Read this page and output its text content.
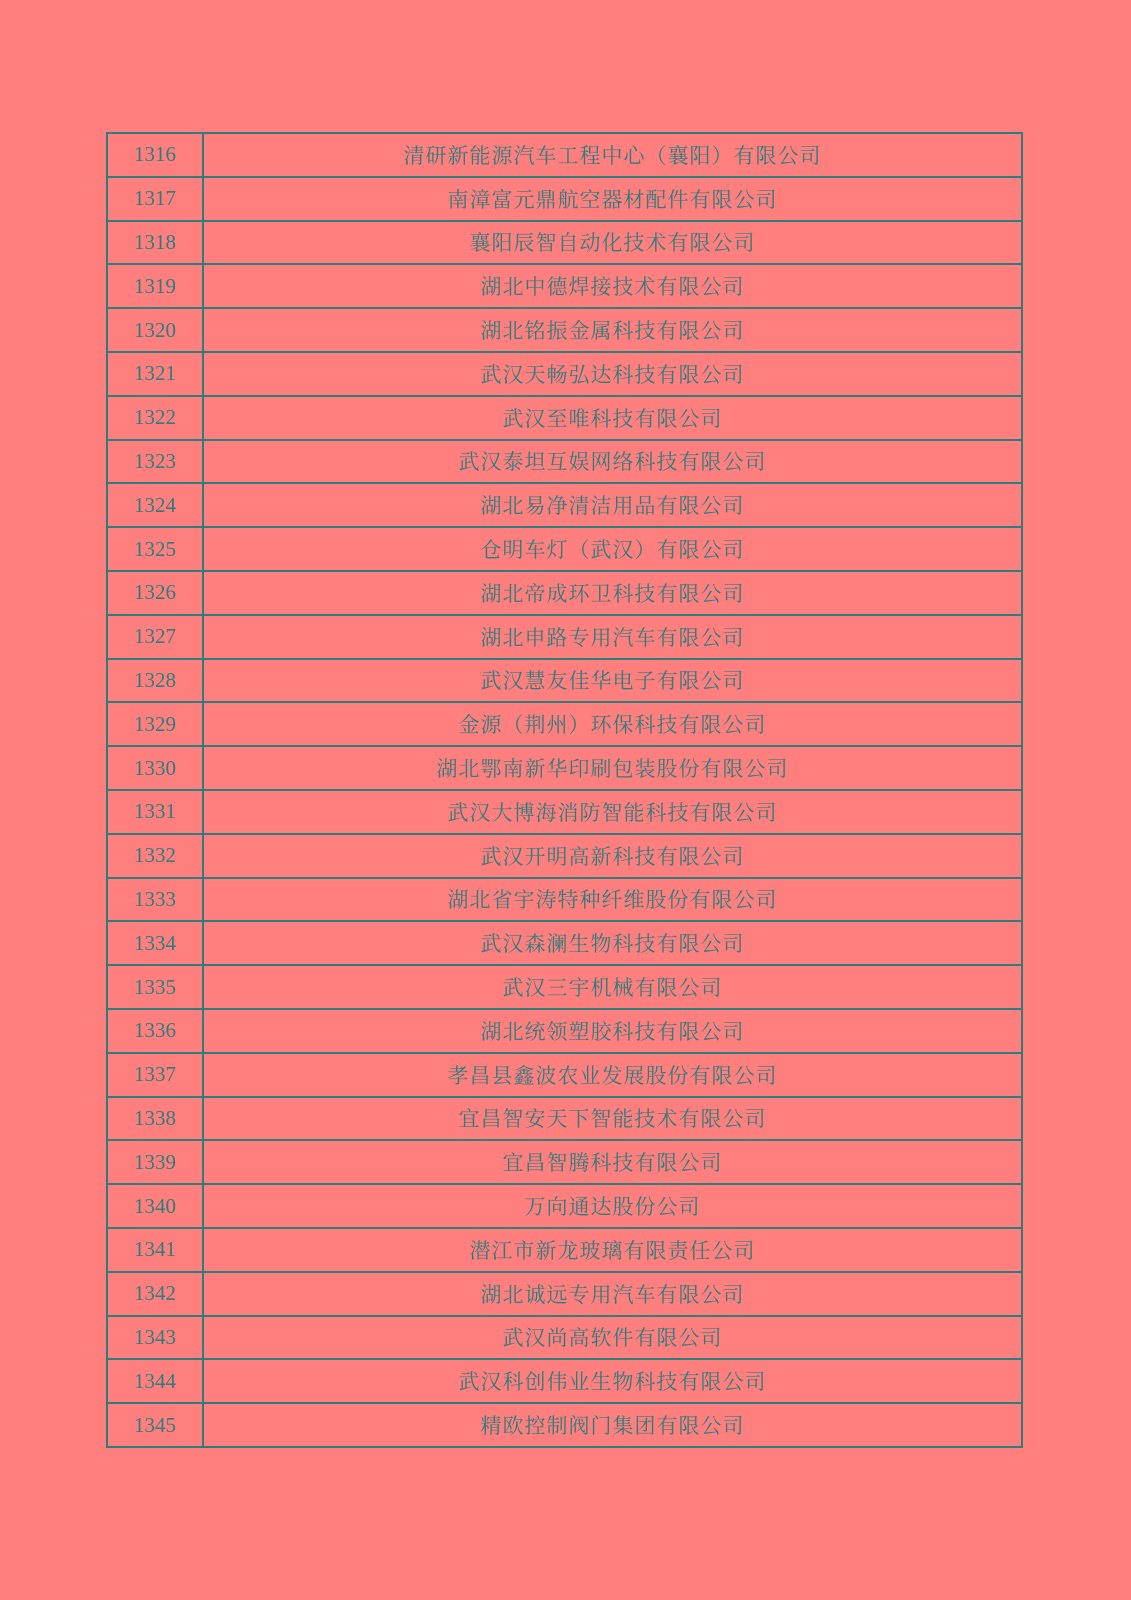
1316	清研新能源汽车工程中心（襄阳）有限公司
1317	南漳富元鼎航空器材配件有限公司
1318	襄阳辰智自动化技术有限公司
1319	湖北中德焊接技术有限公司
1320	湖北铭振金属科技有限公司
1321	武汉天畅弘达科技有限公司
1322	武汉至唯科技有限公司
1323	武汉泰坦互娱网络科技有限公司
1324	湖北易净清洁用品有限公司
1325	仓明车灯（武汉）有限公司
1326	湖北帝成环卫科技有限公司
1327	湖北申路专用汽车有限公司
1328	武汉慧友佳华电子有限公司
1329	金源（荆州）环保科技有限公司
1330	湖北鄂南新华印刷包装股份有限公司
1331	武汉大博海消防智能科技有限公司
1332	武汉开明高新科技有限公司
1333	湖北省宇涛特种纤维股份有限公司
1334	武汉森澜生物科技有限公司
1335	武汉三宇机械有限公司
1336	湖北统领塑胶科技有限公司
1337	孝昌县鑫波农业发展股份有限公司
1338	宜昌智安天下智能技术有限公司
1339	宜昌智腾科技有限公司
1340	万向通达股份公司
1341	潜江市新龙玻璃有限责任公司
1342	湖北诚远专用汽车有限公司
1343	武汉尚高软件有限公司
1344	武汉科创伟业生物科技有限公司
1345	精欧控制阀门集团有限公司
